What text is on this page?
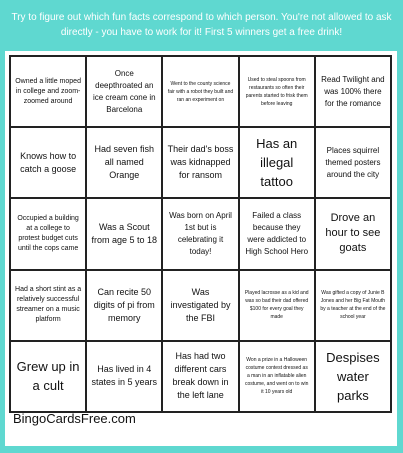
Try to figure out which fun facts correspond to which person. You're not allowed to ask directly - you have to work for it! First 5 winners get a free drink!
Owned a little moped in college and zoom-zoomed around
Once deepthroated an ice cream cone in Barcelona
Went to the county science fair with a robot they built and ran an experiment on
Used to steal spoons from restaurants so often their parents started to frisk them before leaving
Read Twilight and was 100% there for the romance
Knows how to catch a goose
Had seven fish all named Orange
Their dad's boss was kidnapped for ransom
Has an illegal tattoo
Places squirrel themed posters around the city
Occupied a building at a college to protest budget cuts until the cops came
Was a Scout from age 5 to 18
Was born on April 1st but is celebrating it today!
Failed a class because they were addicted to High School Hero
Drove an hour to see goats
Had a short stint as a relatively successful streamer on a music platform
Can recite 50 digits of pi from memory
Was investigated by the FBI
Played lacrosse as a kid and was so bad their dad offered $100 for every goal they made
Was gifted a copy of Junie B Jones and her Big Fat Mouth by a teacher at the end of the school year
Grew up in a cult
Has lived in 4 states in 5 years
Has had two different cars break down in the left lane
Won a prize in a Halloween costume contest dressed as a man in an inflatable alien costume, and went on to win it 10 years old
Despises water parks
BingoCardsFree.com
